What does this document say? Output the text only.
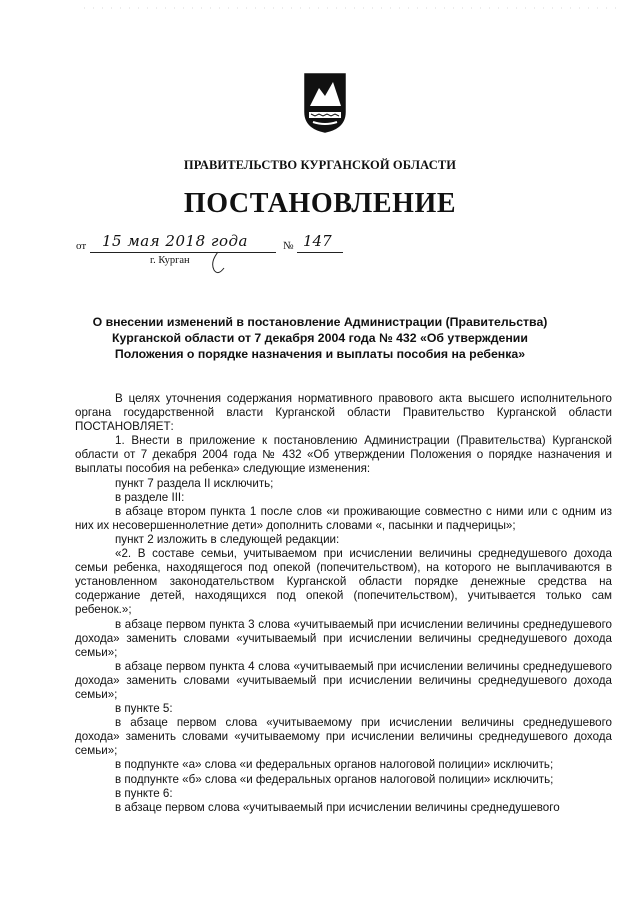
ПРАВИТЕЛЬСТВО КУРГАНСКОЙ ОБЛАСТИ
ПОСТАНОВЛЕНИЕ
от 15 мая 2018 года	№ 147
г. Курган
О внесении изменений в постановление Администрации (Правительства)
Курганской области от 7 декабря 2004 года № 432 «Об утверждении
Положения о порядке назначения и выплаты пособия на ребенка»

В целях уточнения содержания нормативного правового акта высшего исполнительного органа государственной власти Курганской области Правительство Курганской области ПОСТАНОВЛЯЕТ:

1. Внести в приложение к постановлению Администрации (Правительства) Курганской области от 7 декабря 2004 года № 432 «Об утверждении Положения о порядке назначения и выплаты пособия на ребенка» следующие изменения:

пункт 7 раздела II исключить;

в разделе III:

в абзаце втором пункта 1 после слов «и проживающие совместно с ними или с одним из них их несовершеннолетние дети» дополнить словами «, пасынки и падчерицы»;

пункт 2 изложить в следующей редакции:

«2. В составе семьи, учитываемом при исчислении величины среднедушевого дохода семьи ребенка, находящегося под опекой (попечительством), на которого не выплачиваются в установленном законодательством Курганской области порядке денежные средства на содержание детей, находящихся под опекой (попечительством), учитывается только сам ребенок.»;

в абзаце первом пункта 3 слова «учитываемый при исчислении величины среднедушевого дохода» заменить словами «учитываемый при исчислении величины среднедушевого дохода семьи»;

в абзаце первом пункта 4 слова «учитываемый при исчислении величины среднедушевого дохода» заменить словами «учитываемый при исчислении величины среднедушевого дохода семьи»;

в пункте 5:

в абзаце первом слова «учитываемому при исчислении величины среднедушевого дохода» заменить словами «учитываемому при исчислении величины среднедушевого дохода семьи»;

в подпункте «а» слова «и федеральных органов налоговой полиции» исключить;

в подпункте «б» слова «и федеральных органов налоговой полиции» исключить;

в пункте 6:

в абзаце первом слова «учитываемый при исчислении величины среднедушевого
